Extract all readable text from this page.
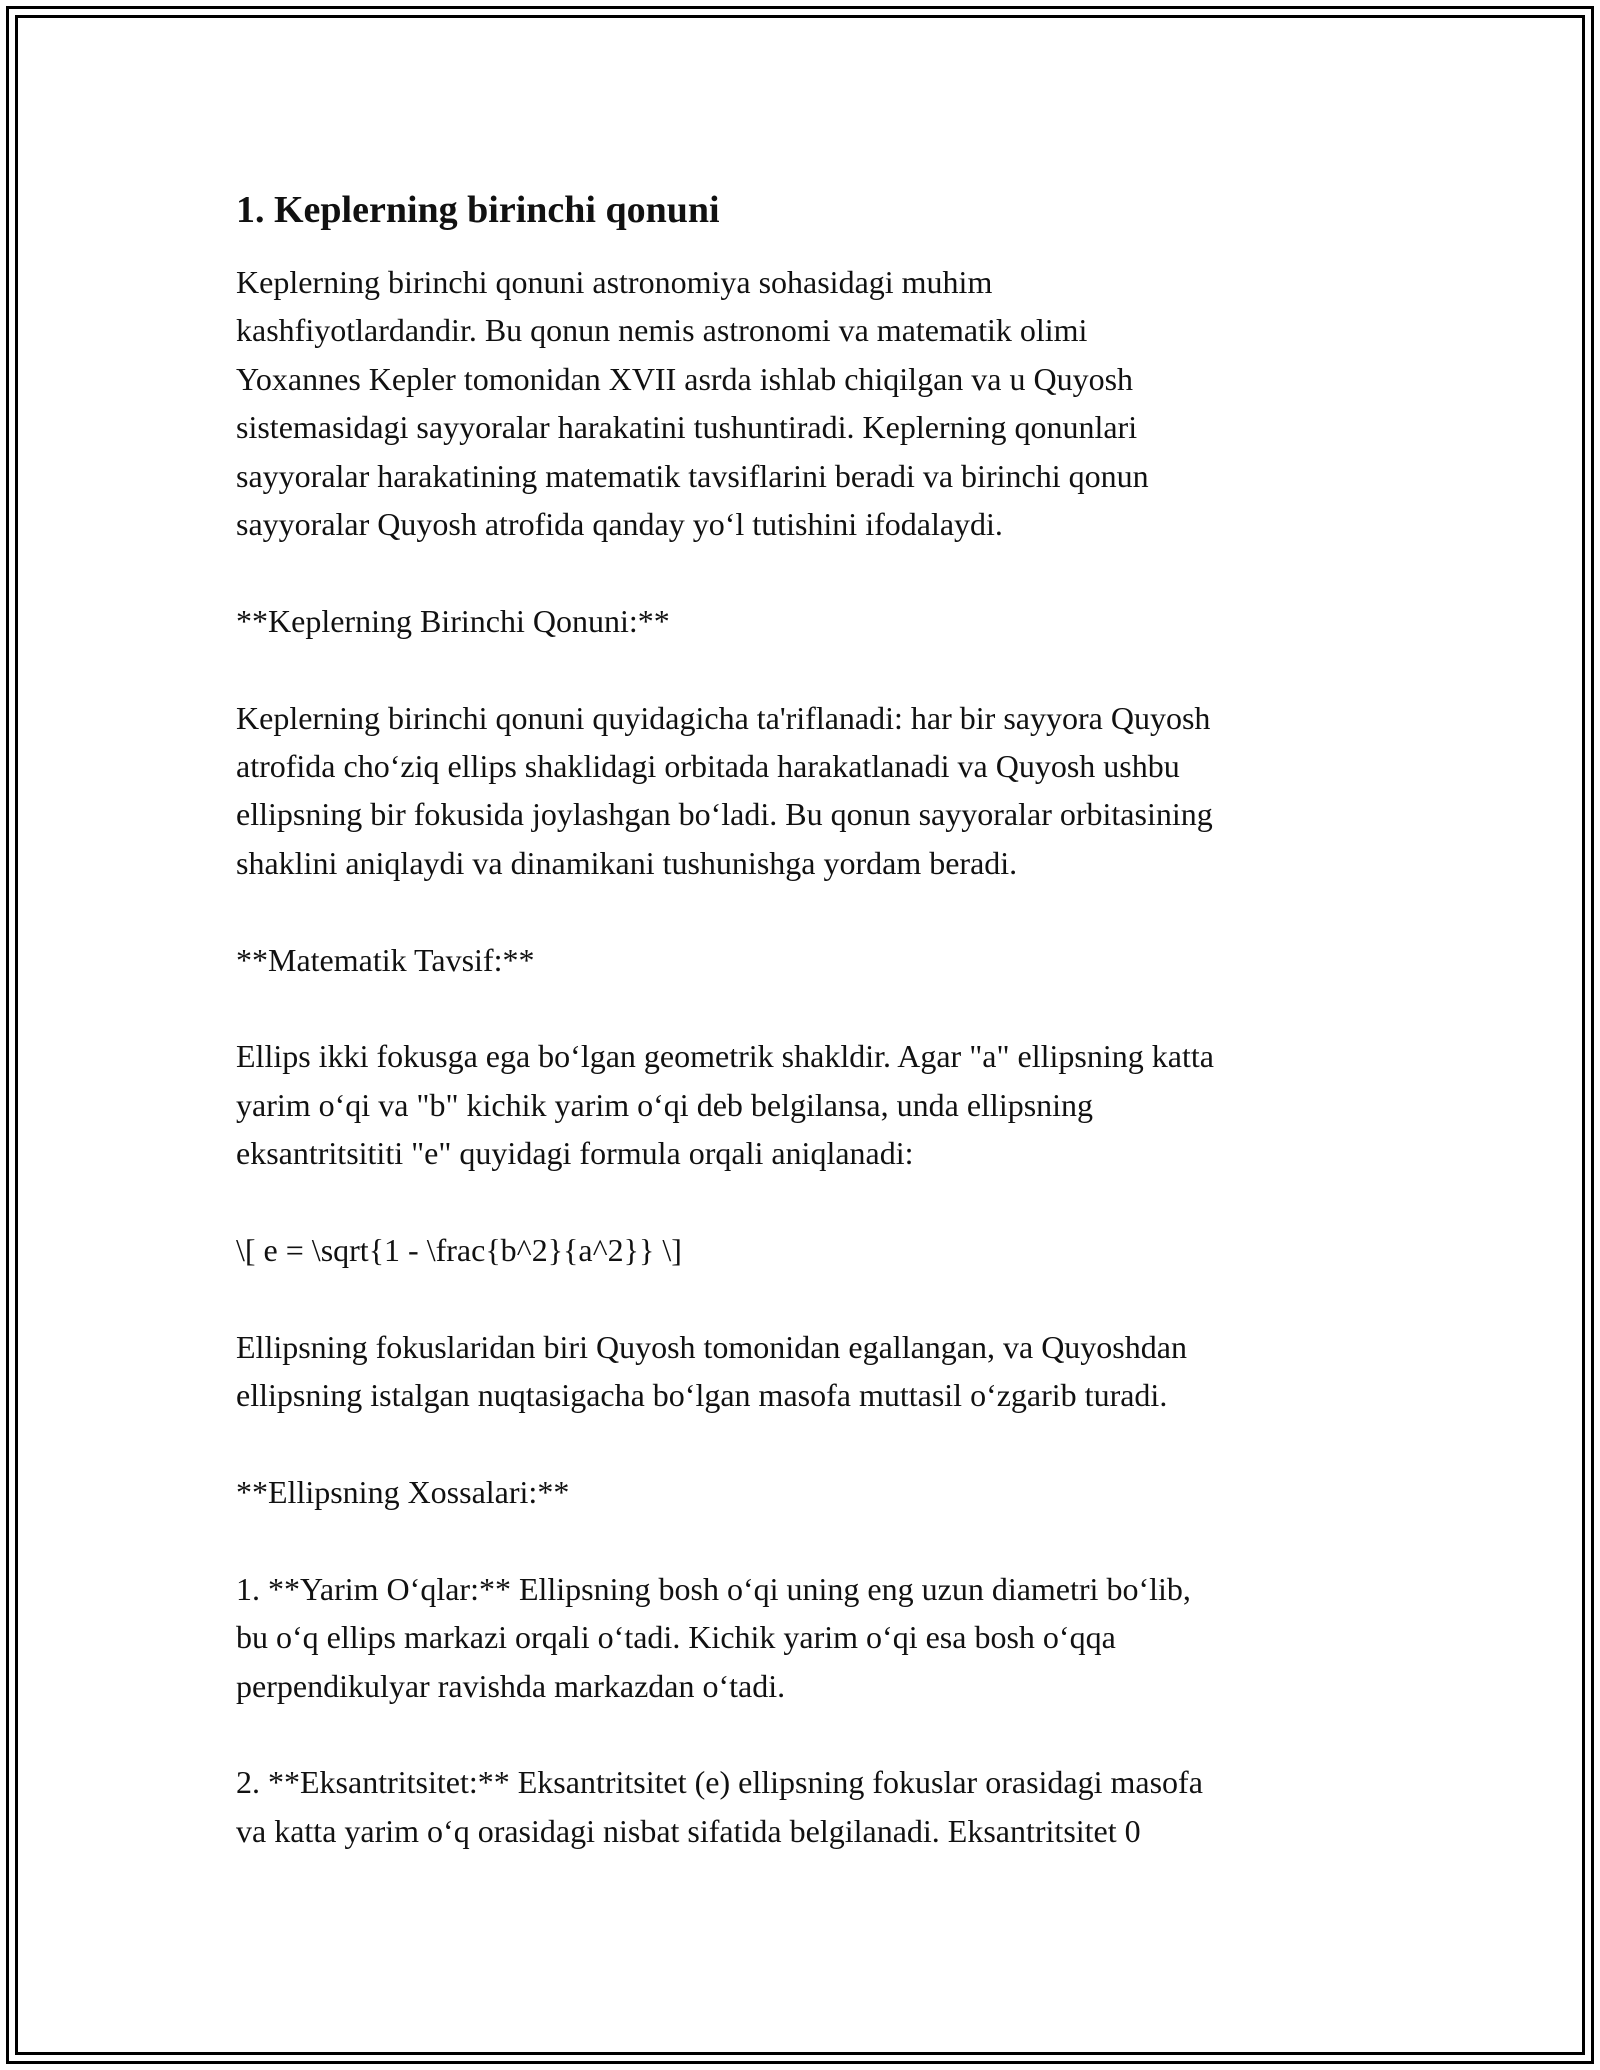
1. Keplerning birinchi qonuni
Keplerning birinchi qonuni astronomiya sohasidagi muhim
kashfiyotlardandir. Bu qonun nemis astronomi va matematik olimi
Yoxannes Kepler tomonidan XVII asrda ishlab chiqilgan va u Quyosh
sistemasidagi sayyoralar harakatini tushuntiradi. Keplerning qonunlari
sayyoralar harakatining matematik tavsiflarini beradi va birinchi qonun
sayyoralar Quyosh atrofida qanday yo‘l tutishini ifodalaydi.
**Keplerning Birinchi Qonuni:**
Keplerning birinchi qonuni quyidagicha ta'riflanadi: har bir sayyora Quyosh
atrofida cho‘ziq ellips shaklidagi orbitada harakatlanadi va Quyosh ushbu
ellipsning bir fokusida joylashgan bo‘ladi. Bu qonun sayyoralar orbitasining
shaklini aniqlaydi va dinamikani tushunishga yordam beradi.
**Matematik Tavsif:**
Ellips ikki fokusga ega bo‘lgan geometrik shakldir. Agar "a" ellipsning katta
yarim o‘qi va "b" kichik yarim o‘qi deb belgilansa, unda ellipsning
eksantritsititi "e" quyidagi formula orqali aniqlanadi:
\[ e = \sqrt{1 - \frac{b^2}{a^2}} \]
Ellipsning fokuslaridan biri Quyosh tomonidan egallangan, va Quyoshdan
ellipsning istalgan nuqtasigacha bo‘lgan masofa muttasil o‘zgarib turadi.
**Ellipsning Xossalari:**
1. **Yarim O‘qlar:** Ellipsning bosh o‘qi uning eng uzun diametri bo‘lib,
bu o‘q ellips markazi orqali o‘tadi. Kichik yarim o‘qi esa bosh o‘qqa
perpendikulyar ravishda markazdan o‘tadi.
2. **Eksantritsitet:** Eksantritsitet (e) ellipsning fokuslar orasidagi masofa
va katta yarim o‘q orasidagi nisbat sifatida belgilanadi. Eksantritsitet 0
